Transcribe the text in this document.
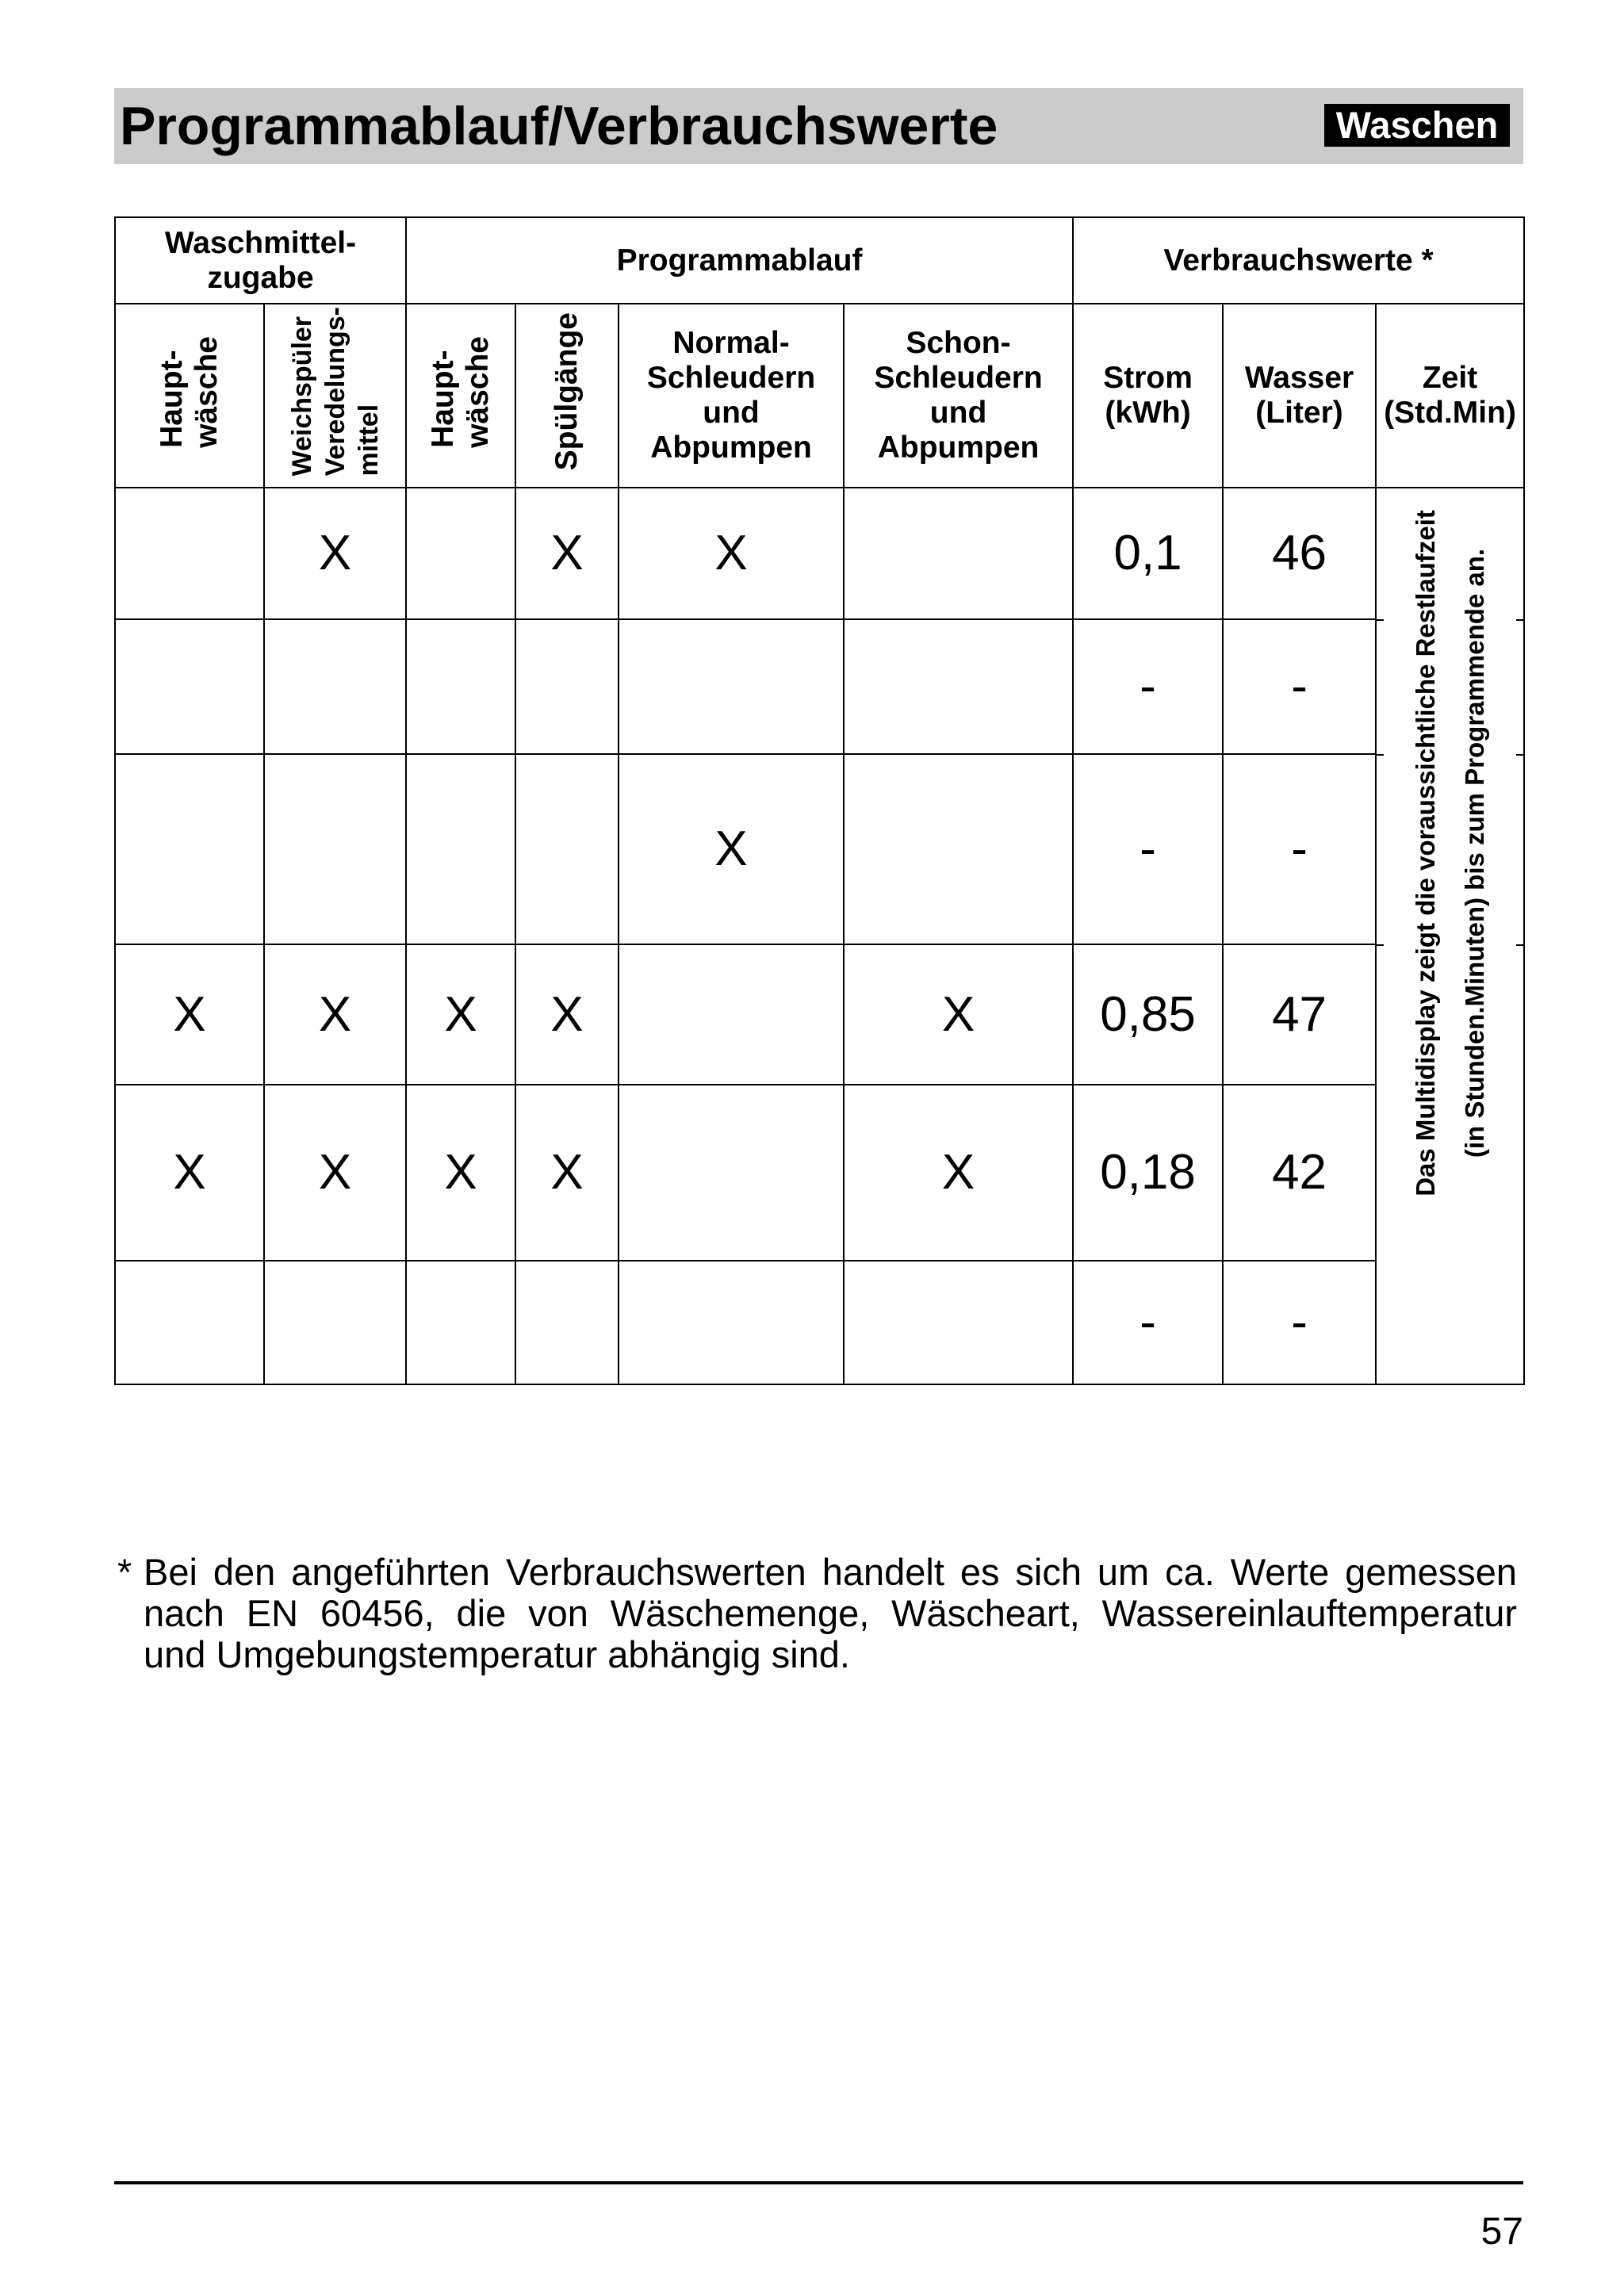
Programmablauf/Verbrauchswerte	Waschen
Waschmittel-
zugabe		Programmablauf				Verbrauchswerte *		
Haupt-
wäsche	Weichspüler
Veredelungs-
mittel	Haupt-
wäsche	Spülgänge	Normal-
Schleudern
und
Abpumpen	Schon-
Schleudern
und
Abpumpen	Strom
(kWh)	Wasser
(Liter)	Zeit
(Std.Min)
	X		X	X		0,1	46	Das Multidisplay zeigt die voraussichtliche Restlaufzeit (in Stunden.Minuten) bis zum Programmende an.

						-	-	
				X		-	-	
X	X	X	X		X	0,85	47	
X	X	X	X		X	0,18	42	
						-	-	
* Bei den angeführten Verbrauchswerten handelt es sich um ca. Werte gemessen
nach EN 60456, die von Wäschemenge, Wäscheart, Wassereinlauftemperatur
und Umgebungstemperatur abhängig sind.
57
